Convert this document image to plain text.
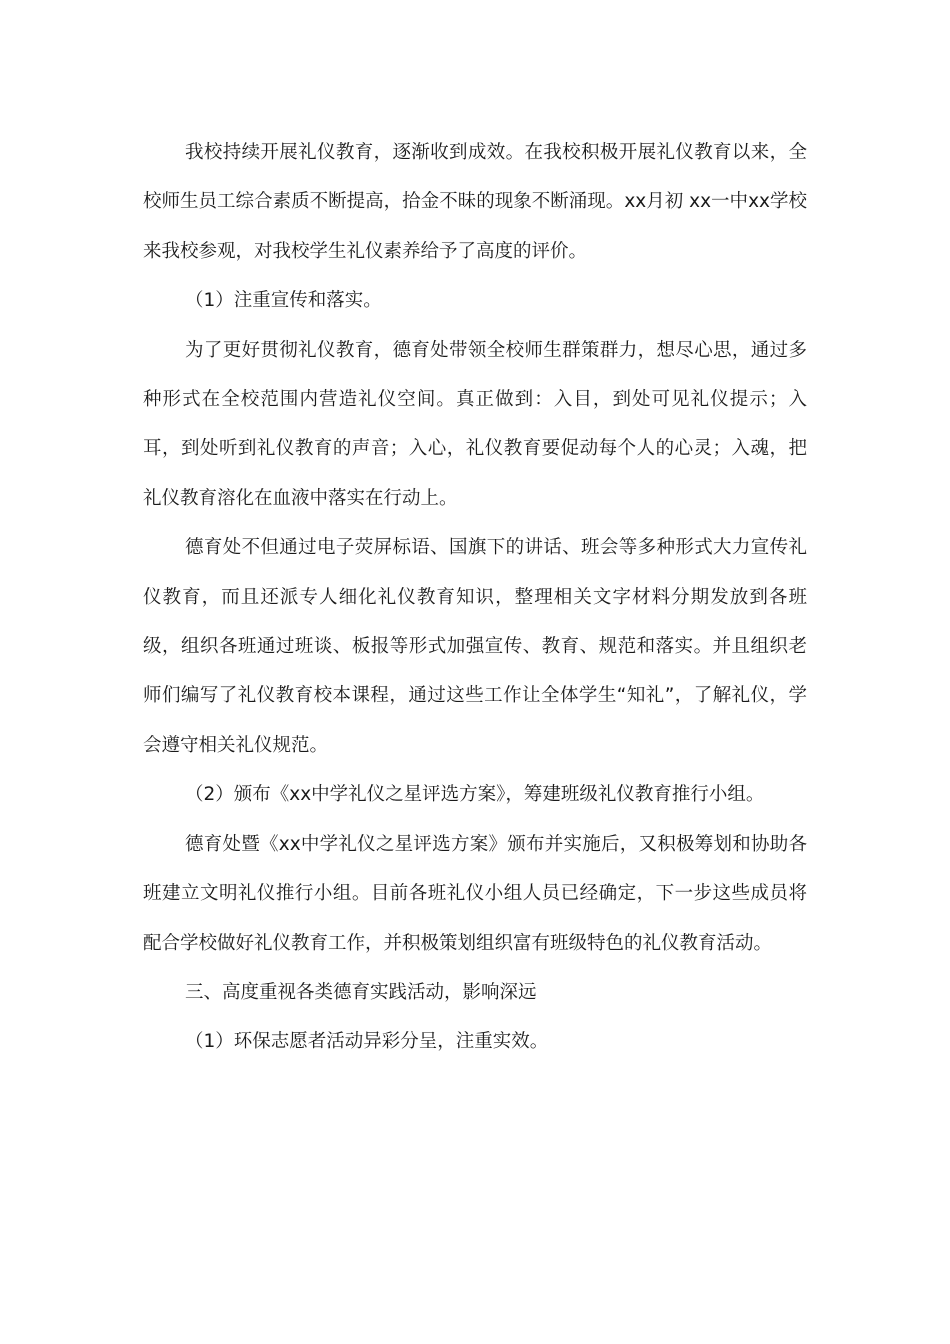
我校持续开展礼仪教育，逐渐收到成效。在我校积极开展礼仪教育以来，全校师生员工综合素质不断提高，拾金不昧的现象不断涌现。xx月初 xx一中xx学校来我校参观，对我校学生礼仪素养给予了高度的评价。

（1）注重宣传和落实。

为了更好贯彻礼仪教育，德育处带领全校师生群策群力，想尽心思，通过多种形式在全校范围内营造礼仪空间。真正做到：入目，到处可见礼仪提示；入耳，到处听到礼仪教育的声音；入心，礼仪教育要促动每个人的心灵；入魂，把礼仪教育溶化在血液中落实在行动上。

德育处不但通过电子荧屏标语、国旗下的讲话、班会等多种形式大力宣传礼仪教育，而且还派专人细化礼仪教育知识，整理相关文字材料分期发放到各班级，组织各班通过班谈、板报等形式加强宣传、教育、规范和落实。并且组织老师们编写了礼仪教育校本课程，通过这些工作让全体学生“知礼”，了解礼仪，学会遵守相关礼仪规范。

（2）颁布《xx中学礼仪之星评选方案》，筹建班级礼仪教育推行小组。

德育处暨《xx中学礼仪之星评选方案》颁布并实施后，又积极筹划和协助各班建立文明礼仪推行小组。目前各班礼仪小组人员已经确定，下一步这些成员将配合学校做好礼仪教育工作，并积极策划组织富有班级特色的礼仪教育活动。

三、高度重视各类德育实践活动，影响深远

（1）环保志愿者活动异彩分呈，注重实效。
